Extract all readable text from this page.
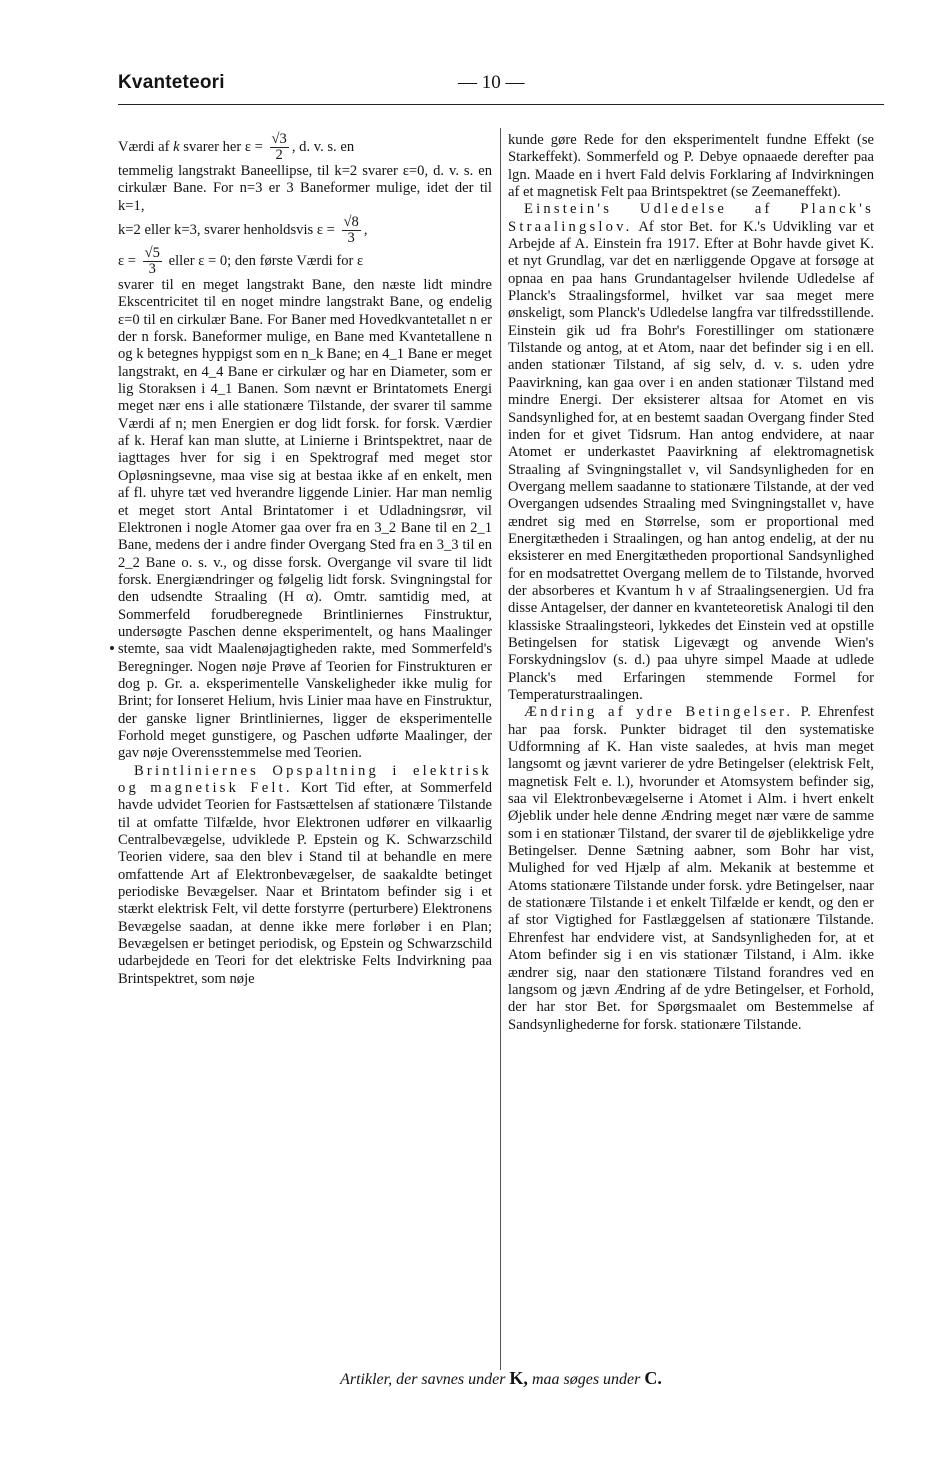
Kvanteteori	— 10 —

Værdi af k svarer her $\varepsilon = \frac{√3}{2}$ , d. v. s. en
temmelig langstrakt Baneellipse, til k=2 svarer ε=0, d. v. s. en cirkulær Bane. For n=3 er 3 Baneformer mulige, idet der til k=1,
k=2 eller k=3, svarer henholdsvis $\varepsilon = \frac{√8}{3}$ ,
$\varepsilon = \frac{√5}{3}$ eller ε = 0; den første Værdi for ε
svarer til en meget langstrakt Bane, den næste lidt mindre Ekscentricitet til en noget mindre langstrakt Bane, og endelig ε=0 til en cirkulær Bane. For Baner med Hovedkvantetallet n er der n forsk. Baneformer mulige, en Bane med Kvantetallene n og k betegnes hyppigst som en n_k Bane; en 4_1 Bane er meget langstrakt, en 4_4 Bane er cirkulær og har en Diameter, som er lig Storaksen i 4_1 Banen. Som nævnt er Brintatomets Energi meget nær ens i alle stationære Tilstande, der svarer til samme Værdi af n; men Energien er dog lidt forsk. for forsk. Værdier af k. Heraf kan man slutte, at Linierne i Brintspektret, naar de iagttages hver for sig i en Spektrograf med meget stor Opløsningsevne, maa vise sig at bestaa ikke af en enkelt, men af fl. uhyre tæt ved hverandre liggende Linier. Har man nemlig et meget stort Antal Brintatomer i et Udladningsrør, vil Elektronen i nogle Atomer gaa over fra en 3_2 Bane til en 2_1 Bane, medens der i andre finder Overgang Sted fra en 3_3 til en 2_2 Bane o. s. v., og disse forsk. Overgange vil svare til lidt forsk. Energiændringer og følgelig lidt forsk. Svingningstal for den udsendte Straaling (H α). Omtr. samtidig med, at Sommerfeld forudberegnede Brintliniernes Finstruktur, undersøgte Paschen denne eksperimentelt, og hans Maalinger stemte, saa vidt Maalenøjagtigheden rakte, med Sommerfeld's Beregninger. Nogen nøje Prøve af Teorien for Finstrukturen er dog p. Gr. a. eksperimentelle Vanskeligheder ikke mulig for Brint; for Ionseret Helium, hvis Linier maa have en Finstruktur, der ganske ligner Brintliniernes, ligger de eksperimentelle Forhold meget gunstigere, og Paschen udførte Maalinger, der gav nøje Overensstemmelse med Teorien.

Brintliniernes Opspaltning i elektrisk og magnetisk Felt. Kort Tid efter, at Sommerfeld havde udvidet Teorien for Fastsættelsen af stationære Tilstande til at omfatte Tilfælde, hvor Elektronen udfører en vilkaarlig Centralbevægelse, udviklede P. Epstein og K. Schwarzschild Teorien videre, saa den blev i Stand til at behandle en mere omfattende Art af Elektronbevægelser, de saakaldte betinget periodiske Bevægelser. Naar et Brintatom befinder sig i et stærkt elektrisk Felt, vil dette forstyrre (perturbere) Elektronens Bevægelse saadan, at denne ikke mere forløber i en Plan; Bevægelsen er betinget periodisk, og Epstein og Schwarzschild udarbejdede en Teori for det elektriske Felts Indvirkning paa Brintspektret, som nøje

kunde gøre Rede for den eksperimentelt fundne Effekt (se Starkeffekt). Sommerfeld og P. Debye opnaaede derefter paa lgn. Maade en i hvert Fald delvis Forklaring af Indvirkningen af et magnetisk Felt paa Brintspektret (se Zeemaneffekt).

Einstein's Udledelse af Planck's Straalingslov. Af stor Bet. for K.'s Udvikling var et Arbejde af A. Einstein fra 1917. Efter at Bohr havde givet K. et nyt Grundlag, var det en nærliggende Opgave at forsøge at opnaa en paa hans Grundantagelser hvilende Udledelse af Planck's Straalingsformel, hvilket var saa meget mere ønskeligt, som Planck's Udledelse langfra var tilfredsstillende. Einstein gik ud fra Bohr's Forestillinger om stationære Tilstande og antog, at et Atom, naar det befinder sig i en ell. anden stationær Tilstand, af sig selv, d. v. s. uden ydre Paavirkning, kan gaa over i en anden stationær Tilstand med mindre Energi. Der eksisterer altsaa for Atomet en vis Sandsynlighed for, at en bestemt saadan Overgang finder Sted inden for et givet Tidsrum. Han antog endvidere, at naar Atomet er underkastet Paavirkning af elektromagnetisk Straaling af Svingningstallet ν, vil Sandsynligheden for en Overgang mellem saadanne to stationære Tilstande, at der ved Overgangen udsendes Straaling med Svingningstallet ν, have ændret sig med en Størrelse, som er proportional med Energitætheden i Straalingen, og han antog endelig, at der nu eksisterer en med Energitætheden proportional Sandsynlighed for en modsatrettet Overgang mellem de to Tilstande, hvorved der absorberes et Kvantum h ν af Straalingsenergien. Ud fra disse Antagelser, der danner en kvanteteoretisk Analogi til den klassiske Straalingsteori, lykkedes det Einstein ved at opstille Betingelsen for statisk Ligevægt og anvende Wien's Forskydningslov (s. d.) paa uhyre simpel Maade at udlede Planck's med Erfaringen stemmende Formel for Temperaturstraalingen.

Ændring af ydre Betingelser. P. Ehrenfest har paa forsk. Punkter bidraget til den systematiske Udformning af K. Han viste saaledes, at hvis man meget langsomt og jævnt varierer de ydre Betingelser (elektrisk Felt, magnetisk Felt e. l.), hvorunder et Atomsystem befinder sig, saa vil Elektronbevægelserne i Atomet i Alm. i hvert enkelt Øjeblik under hele denne Ændring meget nær være de samme som i en stationær Tilstand, der svarer til de øjeblikkelige ydre Betingelser. Denne Sætning aabner, som Bohr har vist, Mulighed for ved Hjælp af alm. Mekanik at bestemme et Atoms stationære Tilstande under forsk. ydre Betingelser, naar de stationære Tilstande i et enkelt Tilfælde er kendt, og den er af stor Vigtighed for Fastlæggelsen af stationære Tilstande. Ehrenfest har endvidere vist, at Sandsynligheden for, at et Atom befinder sig i en vis stationær Tilstand, i Alm. ikke ændrer sig, naar den stationære Tilstand forandres ved en langsom og jævn Ændring af de ydre Betingelser, et Forhold, der har stor Bet. for Spørgsmaalet om Bestemmelse af Sandsynlighederne for forsk. stationære Tilstande.

Artikler, der savnes under K, maa søges under C.
